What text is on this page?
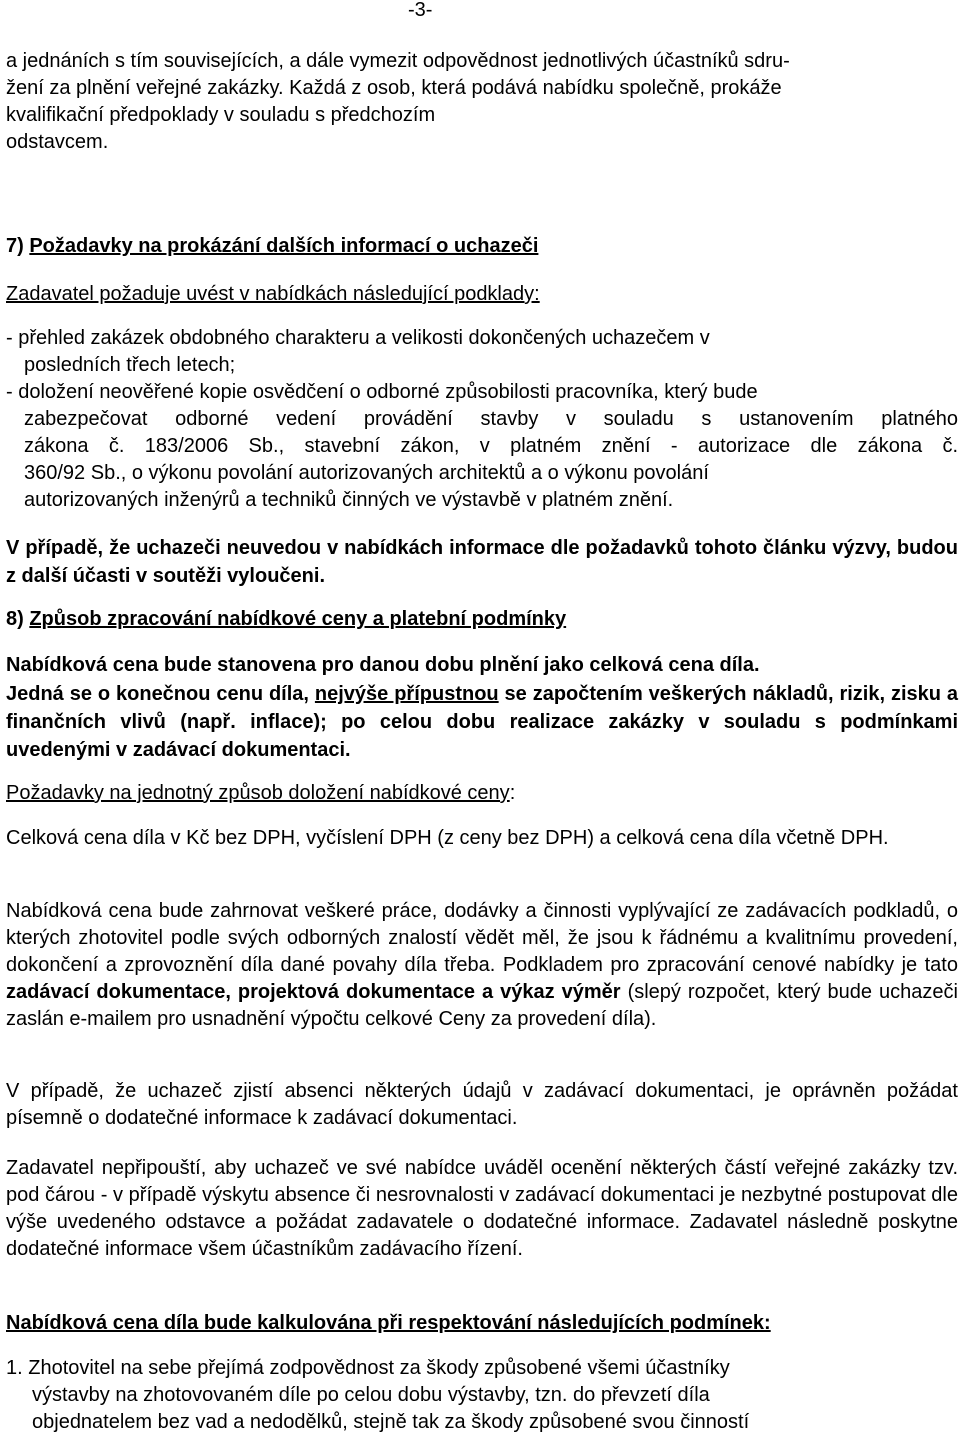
-3-

a jednáních s tím souvisejících, a dále vymezit odpovědnost jednotlivých účastníků sdru-

žení za plnění veřejné zakázky. Každá z osob, která podává nabídku společně, prokáže

kvalifikační předpoklady v souladu s předchozím

odstavcem.

7) Požadavky na prokázání dalších informací o uchazeči

Zadavatel požaduje uvést v nabídkách následující podklady:

- přehled zakázek obdobného charakteru a velikosti dokončených uchazečem v

posledních třech letech;

- doložení neověřené kopie osvědčení o odborné způsobilosti pracovníka, který bude

zabezpečovat odborné vedení provádění stavby v souladu s ustanovením platného

zákona č. 183/2006 Sb., stavební zákon, v platném znění - autorizace dle zákona č.

360/92 Sb., o výkonu povolání autorizovaných architektů a o výkonu povolání

autorizovaných inženýrů a techniků činných ve výstavbě v platném znění.

V případě, že uchazeči neuvedou v nabídkách informace dle požadavků tohoto článku výzvy, budou z další účasti v soutěži vyloučeni.

8) Způsob zpracování nabídkové ceny a platební podmínky

Nabídková cena bude stanovena pro danou dobu plnění jako celková cena díla.

Jedná se o konečnou cenu díla, nejvýše přípustnou se započtením veškerých nákladů, rizik, zisku a finančních vlivů (např. inflace); po celou dobu realizace zakázky v souladu s podmínkami uvedenými v zadávací dokumentaci.

Požadavky na jednotný způsob doložení nabídkové ceny:

Celková cena díla v Kč bez DPH, vyčíslení DPH (z ceny bez DPH) a celková cena díla včetně DPH.

Nabídková cena bude zahrnovat veškeré práce, dodávky a činnosti vyplývající ze zadávacích podkladů, o kterých zhotovitel podle svých odborných znalostí vědět měl, že jsou k řádnému a kvalitnímu provedení, dokončení a zprovoznění díla dané povahy díla třeba. Podkladem pro zpracování cenové nabídky je tato zadávací dokumentace, projektová dokumentace a výkaz výměr (slepý rozpočet, který bude uchazeči zaslán e-mailem pro usnadnění výpočtu celkové Ceny za provedení díla).

V případě, že uchazeč zjistí absenci některých údajů v zadávací dokumentaci, je oprávněn požádat písemně o dodatečné informace k zadávací dokumentaci.

Zadavatel nepřipouští, aby uchazeč ve své nabídce uváděl ocenění některých částí veřejné zakázky tzv. pod čárou - v případě výskytu absence či nesrovnalosti v zadávací dokumentaci je nezbytné postupovat dle výše uvedeného odstavce a požádat zadavatele o dodatečné informace. Zadavatel následně poskytne dodatečné informace všem účastníkům zadávacího řízení.

Nabídková cena díla bude kalkulována při respektování následujících podmínek:

1. Zhotovitel na sebe přejímá zodpovědnost za škody způsobené všemi účastníky

výstavby na zhotovovaném díle po celou dobu výstavby, tzn. do převzetí díla

objednatelem bez vad a nedodělků, stejně tak za škody způsobené svou činností
